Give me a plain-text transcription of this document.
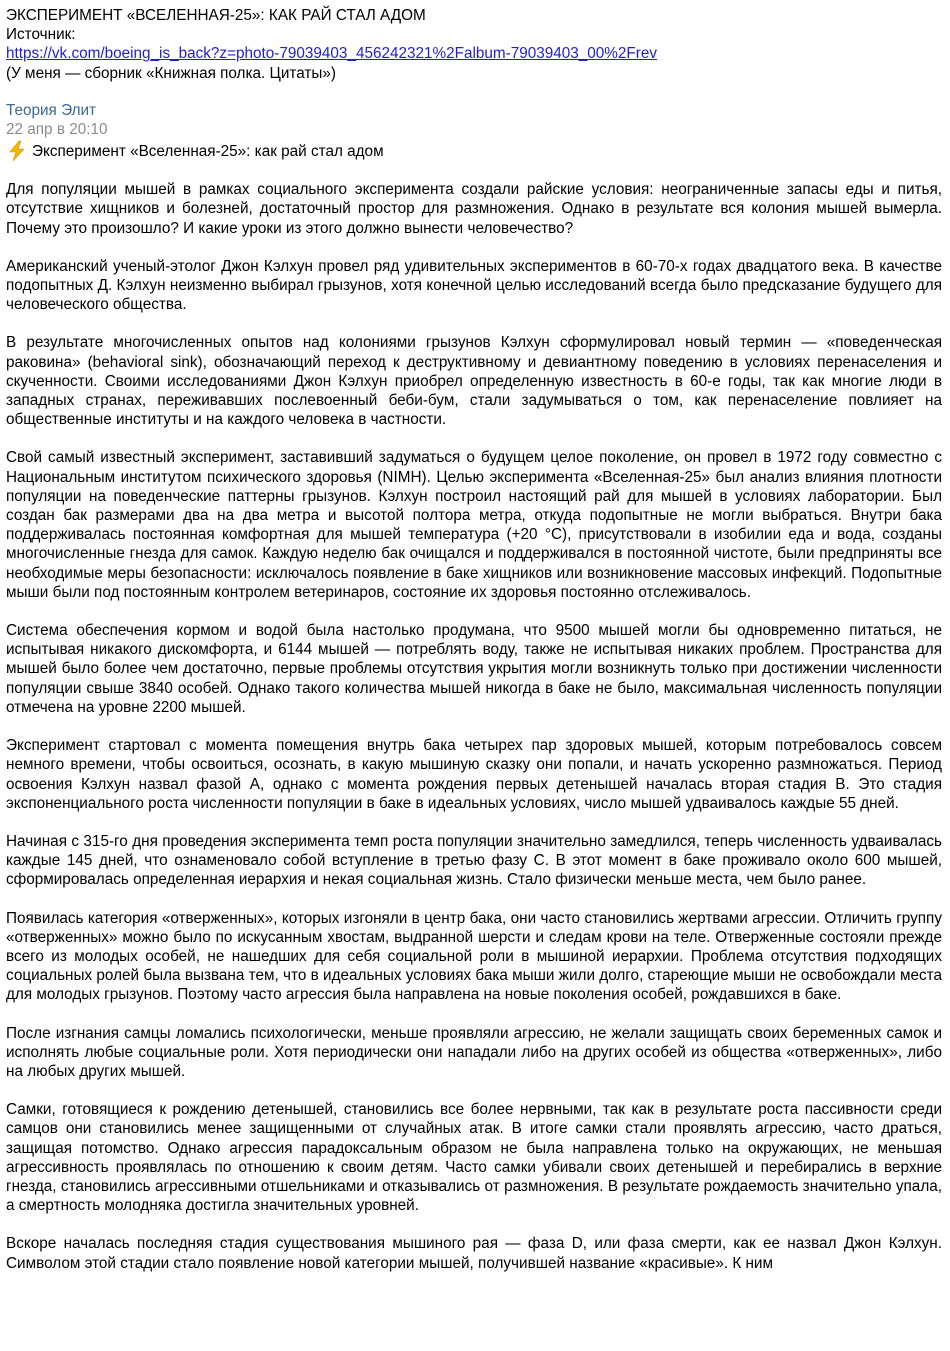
ЭКСПЕРИМЕНТ «ВСЕЛЕННАЯ-25»: КАК РАЙ СТАЛ АДОМ
Источник:
https://vk.com/boeing_is_back?z=photo-79039403_456242321%2Falbum-79039403_00%2Frev
(У меня — сборник «Книжная полка. Цитаты»)
Теория Элит
22 апр в 20:10
Эксперимент «Вселенная-25»: как рай стал адом

Для популяции мышей в рамках социального эксперимента создали райские условия: неограниченные запасы еды и питья, отсутствие хищников и болезней, достаточный простор для размножения. Однако в результате вся колония мышей вымерла. Почему это произошло? И какие уроки из этого должно вынести человечество?

Американский ученый-этолог Джон Кэлхун провел ряд удивительных экспериментов в 60-70-х годах двадцатого века. В качестве подопытных Д. Кэлхун неизменно выбирал грызунов, хотя конечной целью исследований всегда было предсказание будущего для человеческого общества.

В результате многочисленных опытов над колониями грызунов Кэлхун сформулировал новый термин — «поведенческая раковина» (behavioral sink), обозначающий переход к деструктивному и девиантному поведению в условиях перенаселения и скученности. Своими исследованиями Джон Кэлхун приобрел определенную известность в 60-е годы, так как многие люди в западных странах, переживавших послевоенный беби-бум, стали задумываться о том, как перенаселение повлияет на общественные институты и на каждого человека в частности.

Свой самый известный эксперимент, заставивший задуматься о будущем целое поколение, он провел в 1972 году совместно с Национальным институтом психического здоровья (NIMH). Целью эксперимента «Вселенная-25» был анализ влияния плотности популяции на поведенческие паттерны грызунов. Кэлхун построил настоящий рай для мышей в условиях лаборатории. Был создан бак размерами два на два метра и высотой полтора метра, откуда подопытные не могли выбраться. Внутри бака поддерживалась постоянная комфортная для мышей температура (+20 °С), присутствовали в изобилии еда и вода, созданы многочисленные гнезда для самок. Каждую неделю бак очищался и поддерживался в постоянной чистоте, были предприняты все необходимые меры безопасности: исключалось появление в баке хищников или возникновение массовых инфекций. Подопытные мыши были под постоянным контролем ветеринаров, состояние их здоровья постоянно отслеживалось.

Система обеспечения кормом и водой была настолько продумана, что 9500 мышей могли бы одновременно питаться, не испытывая никакого дискомфорта, и 6144 мышей — потреблять воду, также не испытывая никаких проблем. Пространства для мышей было более чем достаточно, первые проблемы отсутствия укрытия могли возникнуть только при достижении численности популяции свыше 3840 особей. Однако такого количества мышей никогда в баке не было, максимальная численность популяции отмечена на уровне 2200 мышей.

Эксперимент стартовал с момента помещения внутрь бака четырех пар здоровых мышей, которым потребовалось совсем немного времени, чтобы освоиться, осознать, в какую мышиную сказку они попали, и начать ускоренно размножаться. Период освоения Кэлхун назвал фазой А, однако с момента рождения первых детенышей началась вторая стадия B. Это стадия экспоненциального роста численности популяции в баке в идеальных условиях, число мышей удваивалось каждые 55 дней.

Начиная с 315-го дня проведения эксперимента темп роста популяции значительно замедлился, теперь численность удваивалась каждые 145 дней, что ознаменовало собой вступление в третью фазу C. В этот момент в баке проживало около 600 мышей, сформировалась определенная иерархия и некая социальная жизнь. Стало физически меньше места, чем было ранее.

Появилась категория «отверженных», которых изгоняли в центр бака, они часто становились жертвами агрессии. Отличить группу «отверженных» можно было по искусанным хвостам, выдранной шерсти и следам крови на теле. Отверженные состояли прежде всего из молодых особей, не нашедших для себя социальной роли в мышиной иерархии. Проблема отсутствия подходящих социальных ролей была вызвана тем, что в идеальных условиях бака мыши жили долго, стареющие мыши не освобождали места для молодых грызунов. Поэтому часто агрессия была направлена на новые поколения особей, рождавшихся в баке.

После изгнания самцы ломались психологически, меньше проявляли агрессию, не желали защищать своих беременных самок и исполнять любые социальные роли. Хотя периодически они нападали либо на других особей из общества «отверженных», либо на любых других мышей.

Самки, готовящиеся к рождению детенышей, становились все более нервными, так как в результате роста пассивности среди самцов они становились менее защищенными от случайных атак. В итоге самки стали проявлять агрессию, часто драться, защищая потомство. Однако агрессия парадоксальным образом не была направлена только на окружающих, не меньшая агрессивность проявлялась по отношению к своим детям. Часто самки убивали своих детенышей и перебирались в верхние гнезда, становились агрессивными отшельниками и отказывались от размножения. В результате рождаемость значительно упала, а смертность молодняка достигла значительных уровней.

Вскоре началась последняя стадия существования мышиного рая — фаза D, или фаза смерти, как ее назвал Джон Кэлхун. Символом этой стадии стало появление новой категории мышей, получившей название «красивые». К ним
